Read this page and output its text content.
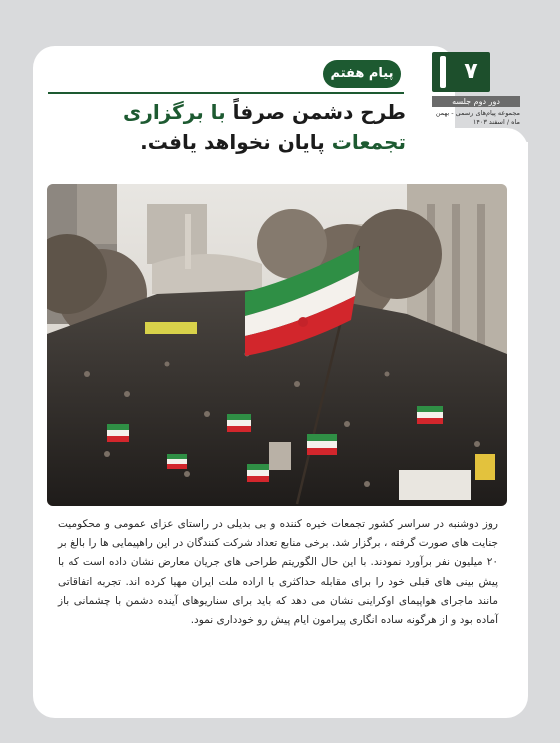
۷
دور دوم جلسه
مجموعه پیام‌های رسمی - بهمن ماه / اسفند ۱۴۰۳
پیام هفتم
طرح دشمن صرفاً با برگزاری تجمعات پایان نخواهد یافت.
روز دوشنبه در سراسر کشور تجمعات خیره کننده و بی بدیلی در راستای عزای عمومی و محکومیت جنایت های صورت گرفته ، برگزار شد. برخی منابع تعداد شرکت کنندگان در این راهپیمایی ها را بالغ بر ۲۰ میلیون نفر برآورد نمودند. با این حال الگوریتم طراحی های جریان معارض نشان داده است که با پیش بینی های قبلی خود را برای مقابله حداکثری با اراده ملت ایران مهیا کرده اند. تجربه اتفاقاتی مانند ماجرای هواپیمای اوکراینی نشان می دهد که باید برای سناریوهای آینده دشمن با چشمانی باز آماده بود و از هرگونه ساده انگاری پیرامون ایام پیش رو خودداری نمود.
